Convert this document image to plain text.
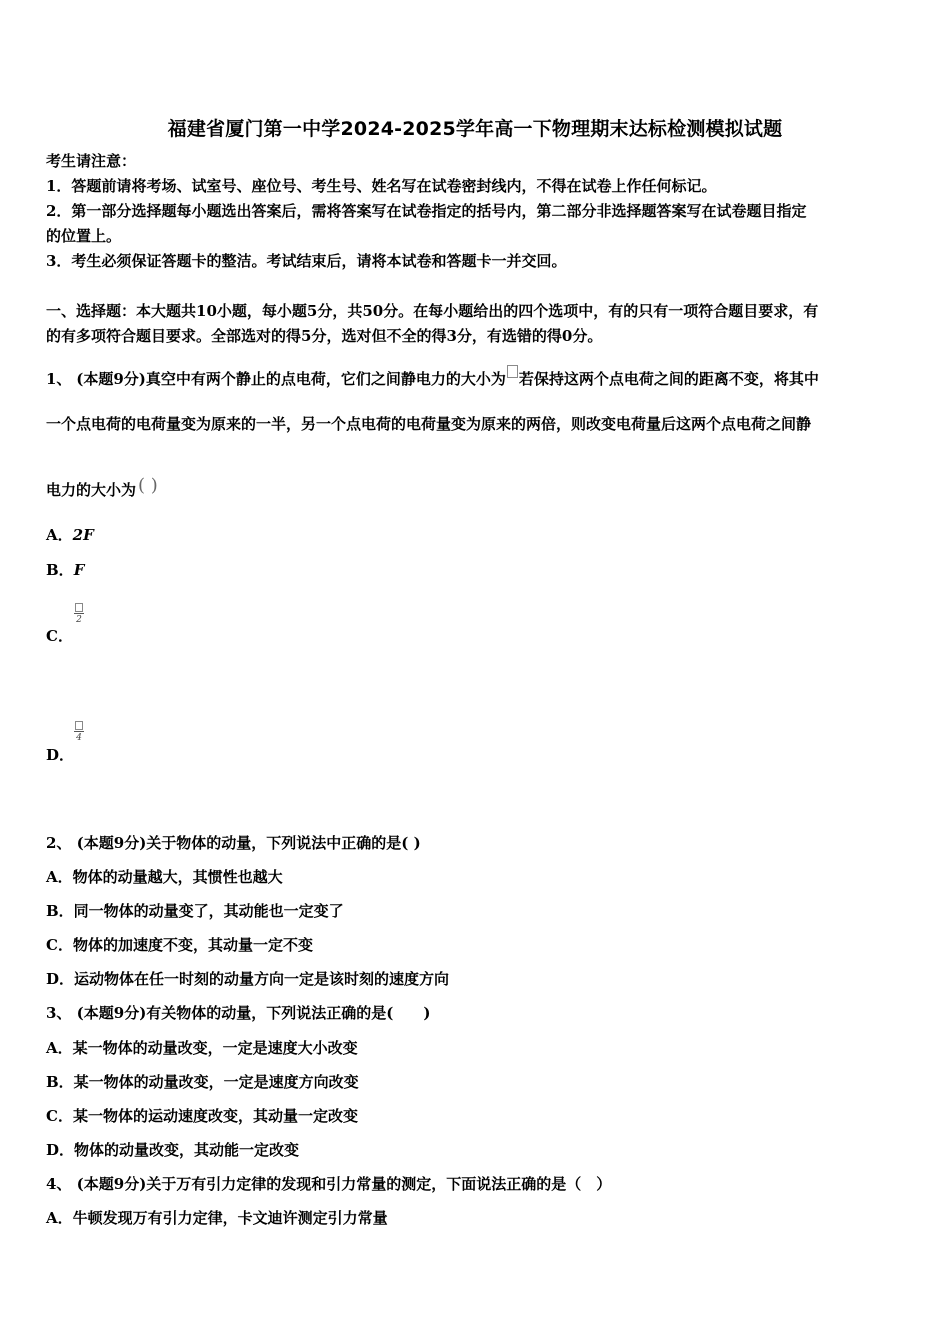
福建省厦门第一中学2024-2025学年高一下物理期末达标检测模拟试题
考生请注意：
1．答题前请将考场、试室号、座位号、考生号、姓名写在试卷密封线内，不得在试卷上作任何标记。
2．第一部分选择题每小题选出答案后，需将答案写在试卷指定的括号内，第二部分非选择题答案写在试卷题目指定
的位置上。
3．考生必须保证答题卡的整洁。考试结束后，请将本试卷和答题卡一并交回。
一、选择题：本大题共10小题，每小题5分，共50分。在每小题给出的四个选项中，有的只有一项符合题目要求，有
的有多项符合题目要求。全部选对的得5分，选对但不全的得3分，有选错的得0分。
1、 (本题9分)真空中有两个静止的点电荷，它们之间静电力的大小为 若保持这两个点电荷之间的距离不变，将其中
一个点电荷的电荷量变为原来的一半，另一个点电荷的电荷量变为原来的两倍，则改变电荷量后这两个点电荷之间静
电力的大小为 ( )
A．2F
B．F
2
C．
4
D．
2、 (本题9分)关于物体的动量，下列说法中正确的是( )
A．物体的动量越大，其惯性也越大
B．同一物体的动量变了，其动能也一定变了
C．物体的加速度不变，其动量一定不变
D．运动物体在任一时刻的动量方向一定是该时刻的速度方向
3、 (本题9分)有关物体的动量，下列说法正确的是(　　)
A．某一物体的动量改变，一定是速度大小改变
B．某一物体的动量改变，一定是速度方向改变
C．某一物体的运动速度改变，其动量一定改变
D．物体的动量改变，其动能一定改变
4、 (本题9分)关于万有引力定律的发现和引力常量的测定，下面说法正确的是（　）
A．牛顿发现万有引力定律，卡文迪许测定引力常量
